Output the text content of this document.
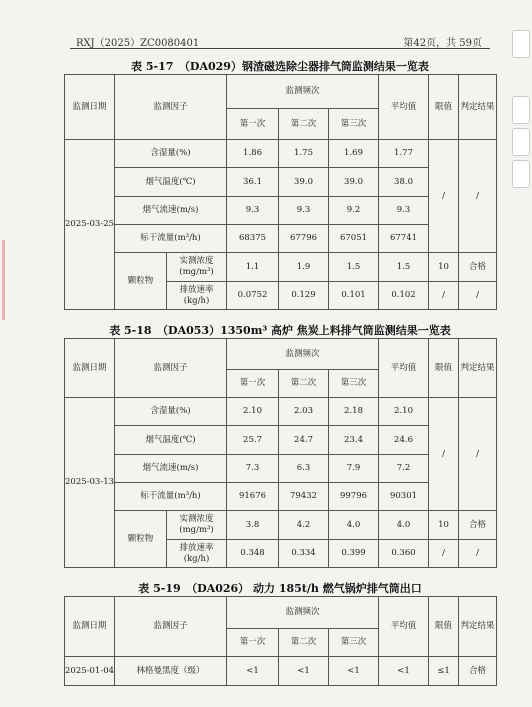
RXJ（2025）ZC0080401	第42页，共 59页
表 5-17　（DA029）钢渣磁选除尘器排气筒监测结果一览表
监测日期	监测因子		监测频次			平均值	限值	判定结果
			第一次	第二次	第三次			
2025-03-25	含湿量(%)		1.86	1.75	1.69	1.77	/	/
	烟气温度(℃)		36.1	39.0	39.0	38.0		
	烟气流速(m/s)		9.3	9.3	9.2	9.3		
	标干流量(m³/h)		68375	67796	67051	67741		
	颗粒物	实测浓度(mg/m³)	1.1	1.9	1.5	1.5	10	合格
		排放速率(kg/h)	0.0752	0.129	0.101	0.102	/	/
表 5-18　（DA053）1350m³ 高炉 焦炭上料排气筒监测结果一览表
监测日期	监测因子		监测频次			平均值	限值	判定结果
			第一次	第二次	第三次			
2025-03-13	含湿量(%)		2.10	2.03	2.18	2.10	/	/
	烟气温度(℃)		25.7	24.7	23.4	24.6		
	烟气流速(m/s)		7.3	6.3	7.9	7.2		
	标干流量(m³/h)		91676	79432	99796	90301		
	颗粒物	实测浓度(mg/m³)	3.8	4.2	4.0	4.0	10	合格
		排放速率(kg/h)	0.348	0.334	0.399	0.360	/	/
表 5-19　（DA026） 动力 185t/h 燃气锅炉排气筒出口
监测日期	监测因子	监测频次			平均值	限值	判定结果
		第一次	第二次	第三次			
2025-01-04	林格曼黑度（级）	<1	<1	<1	<1	≤1	合格
